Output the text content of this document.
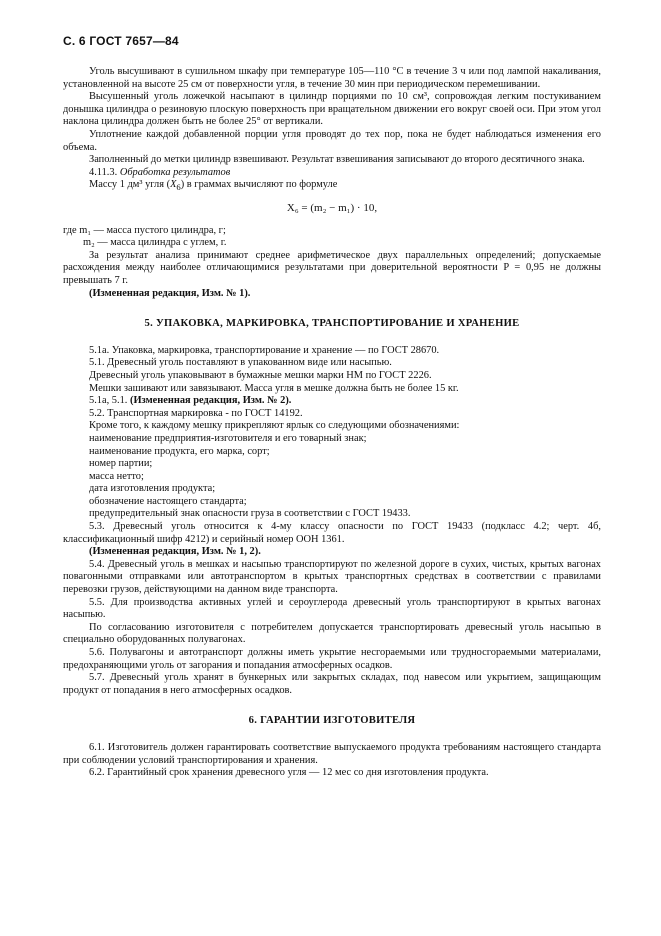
С. 6 ГОСТ 7657—84

Уголь высушивают в сушильном шкафу при температуре 105—110 °С в течение 3 ч или под лампой накаливания, установленной на высоте 25 см от поверхности угля, в течение 30 мин при периодическом перемешивании.

Высушенный уголь ложечкой насыпают в цилиндр порциями по 10 см³, сопровождая легким постукиванием донышка цилиндра о резиновую плоскую поверхность при вращательном движении его вокруг своей оси. При этом угол наклона цилиндра должен быть не более 25° от вертикали.

Уплотнение каждой добавленной порции угля проводят до тех пор, пока не будет наблюдаться изменения его объема.

Заполненный до метки цилиндр взвешивают. Результат взвешивания записывают до второго десятичного знака.

4.11.3. Обработка результатов

Массу 1 дм³ угля $(X_6)$ в граммах вычисляют по формуле

X₆ = (m₂ − m₁) · 10,

где m₁ — масса пустого цилиндра, г;

m₂ — масса цилиндра с углем, г.

За результат анализа принимают среднее арифметическое двух параллельных определений; допускаемые расхождения между наиболее отличающимися результатами при доверительной вероятности P = 0,95 не должны превышать 7 г.

(Измененная редакция, Изм. № 1).

5. УПАКОВКА, МАРКИРОВКА, ТРАНСПОРТИРОВАНИЕ И ХРАНЕНИЕ

5.1а. Упаковка, маркировка, транспортирование и хранение — по ГОСТ 28670.

5.1. Древесный уголь поставляют в упакованном виде или насыпью.

Древесный уголь упаковывают в бумажные мешки марки НМ по ГОСТ 2226.

Мешки зашивают или завязывают. Масса угля в мешке должна быть не более 15 кг.

5.1а, 5.1. (Измененная редакция, Изм. № 2).

5.2. Транспортная маркировка - по ГОСТ 14192.

Кроме того, к каждому мешку прикрепляют ярлык со следующими обозначениями:

наименование предприятия-изготовителя и его товарный знак;

наименование продукта, его марка, сорт;

номер партии;

масса нетто;

дата изготовления продукта;

обозначение настоящего стандарта;

предупредительный знак опасности груза в соответствии с ГОСТ 19433.

5.3. Древесный уголь относится к 4-му классу опасности по ГОСТ 19433 (подкласс 4.2; черт. 4б, классификационный шифр 4212) и серийный номер ООН 1361.

(Измененная редакция, Изм. № 1, 2).

5.4. Древесный уголь в мешках и насыпью транспортируют по железной дороге в сухих, чистых, крытых вагонах повагонными отправками или автотранспортом в крытых транспортных средствах в соответствии с правилами перевозки грузов, действующими на данном виде транспорта.

5.5. Для производства активных углей и сероуглерода древесный уголь транспортируют в крытых вагонах насыпью.

По согласованию изготовителя с потребителем допускается транспортировать древесный уголь насыпью в специально оборудованных полувагонах.

5.6. Полувагоны и автотранспорт должны иметь укрытие несгораемыми или трудносгораемыми материалами, предохраняющими уголь от загорания и попадания атмосферных осадков.

5.7. Древесный уголь хранят в бункерных или закрытых складах, под навесом или укрытием, защищающим продукт от попадания в него атмосферных осадков.

6. ГАРАНТИИ ИЗГОТОВИТЕЛЯ

6.1. Изготовитель должен гарантировать соответствие выпускаемого продукта требованиям настоящего стандарта при соблюдении условий транспортирования и хранения.

6.2. Гарантийный срок хранения древесного угля — 12 мес со дня изготовления продукта.
